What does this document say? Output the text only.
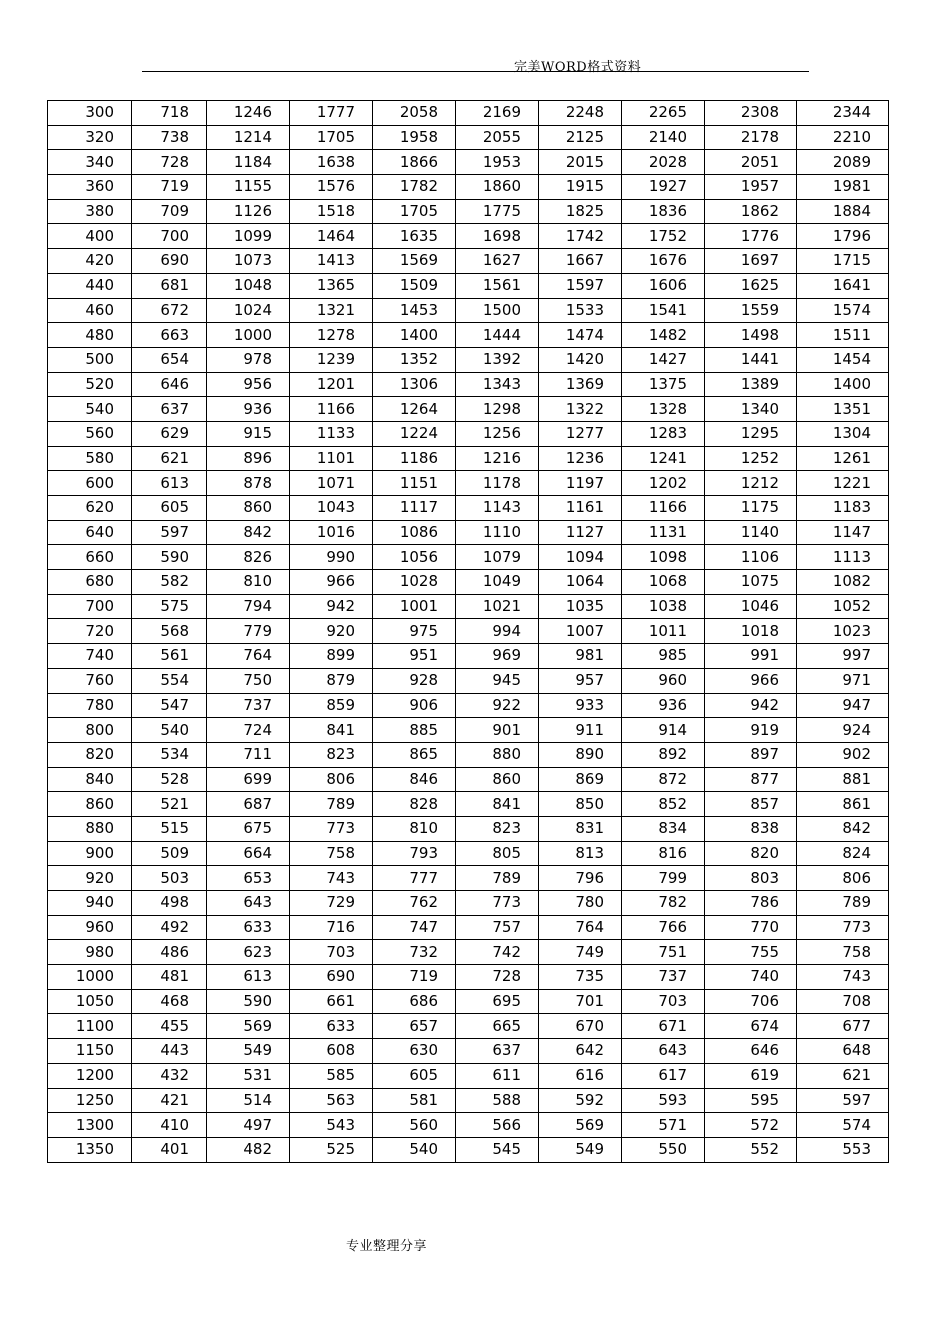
完美WORD格式资料
300	718	1246	1777	2058	2169	2248	2265	2308	2344
320	738	1214	1705	1958	2055	2125	2140	2178	2210
340	728	1184	1638	1866	1953	2015	2028	2051	2089
360	719	1155	1576	1782	1860	1915	1927	1957	1981
380	709	1126	1518	1705	1775	1825	1836	1862	1884
400	700	1099	1464	1635	1698	1742	1752	1776	1796
420	690	1073	1413	1569	1627	1667	1676	1697	1715
440	681	1048	1365	1509	1561	1597	1606	1625	1641
460	672	1024	1321	1453	1500	1533	1541	1559	1574
480	663	1000	1278	1400	1444	1474	1482	1498	1511
500	654	978	1239	1352	1392	1420	1427	1441	1454
520	646	956	1201	1306	1343	1369	1375	1389	1400
540	637	936	1166	1264	1298	1322	1328	1340	1351
560	629	915	1133	1224	1256	1277	1283	1295	1304
580	621	896	1101	1186	1216	1236	1241	1252	1261
600	613	878	1071	1151	1178	1197	1202	1212	1221
620	605	860	1043	1117	1143	1161	1166	1175	1183
640	597	842	1016	1086	1110	1127	1131	1140	1147
660	590	826	990	1056	1079	1094	1098	1106	1113
680	582	810	966	1028	1049	1064	1068	1075	1082
700	575	794	942	1001	1021	1035	1038	1046	1052
720	568	779	920	975	994	1007	1011	1018	1023
740	561	764	899	951	969	981	985	991	997
760	554	750	879	928	945	957	960	966	971
780	547	737	859	906	922	933	936	942	947
800	540	724	841	885	901	911	914	919	924
820	534	711	823	865	880	890	892	897	902
840	528	699	806	846	860	869	872	877	881
860	521	687	789	828	841	850	852	857	861
880	515	675	773	810	823	831	834	838	842
900	509	664	758	793	805	813	816	820	824
920	503	653	743	777	789	796	799	803	806
940	498	643	729	762	773	780	782	786	789
960	492	633	716	747	757	764	766	770	773
980	486	623	703	732	742	749	751	755	758
1000	481	613	690	719	728	735	737	740	743
1050	468	590	661	686	695	701	703	706	708
1100	455	569	633	657	665	670	671	674	677
1150	443	549	608	630	637	642	643	646	648
1200	432	531	585	605	611	616	617	619	621
1250	421	514	563	581	588	592	593	595	597
1300	410	497	543	560	566	569	571	572	574
1350	401	482	525	540	545	549	550	552	553
专业整理分享
